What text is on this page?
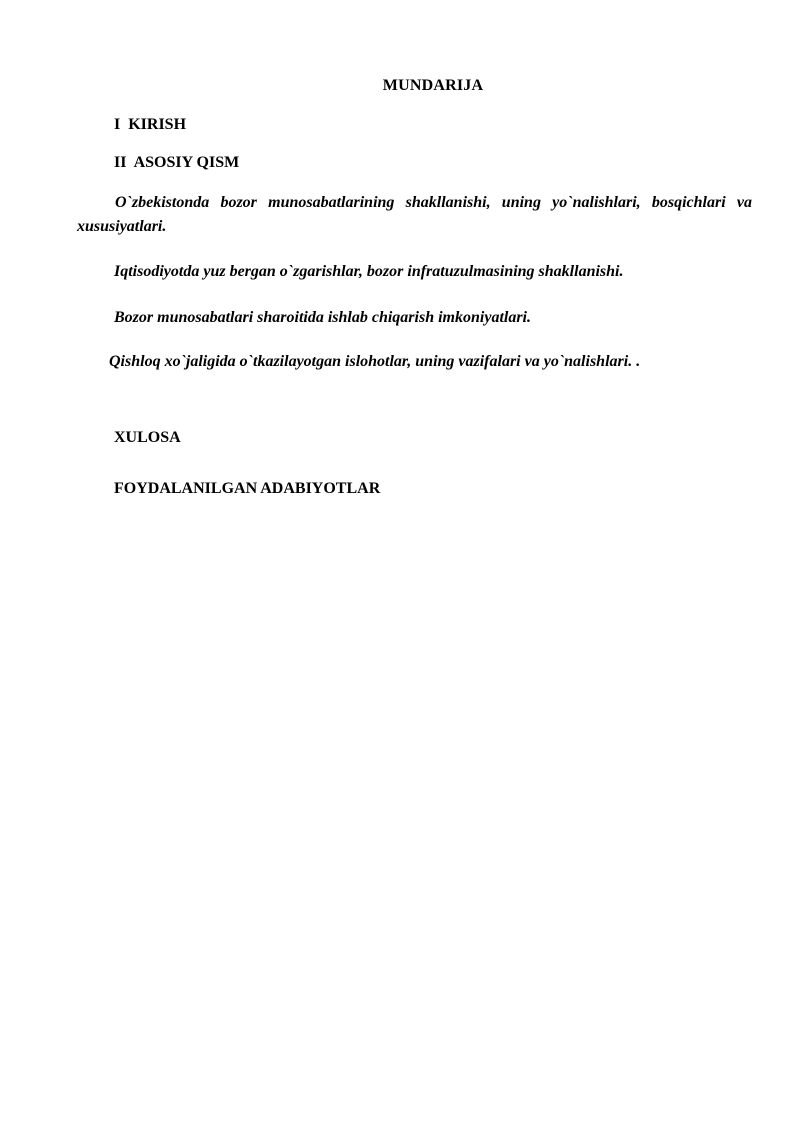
MUNDARIJA

I  KIRISH

II  ASOSIY QISM

O`zbekistonda bozor munosabatlarining shakllanishi, uning yo`nalishlari, bosqichlari va xususiyatlari.

Iqtisodiyotda yuz bergan o`zgarishlar, bozor infratuzulmasining shakllanishi.

Bozor munosabatlari sharoitida ishlab chiqarish imkoniyatlari.

Qishloq xo`jaligida o`tkazilayotgan islohotlar, uning vazifalari va yo`nalishlari. .

XULOSA

FOYDALANILGAN ADABIYOTLAR
